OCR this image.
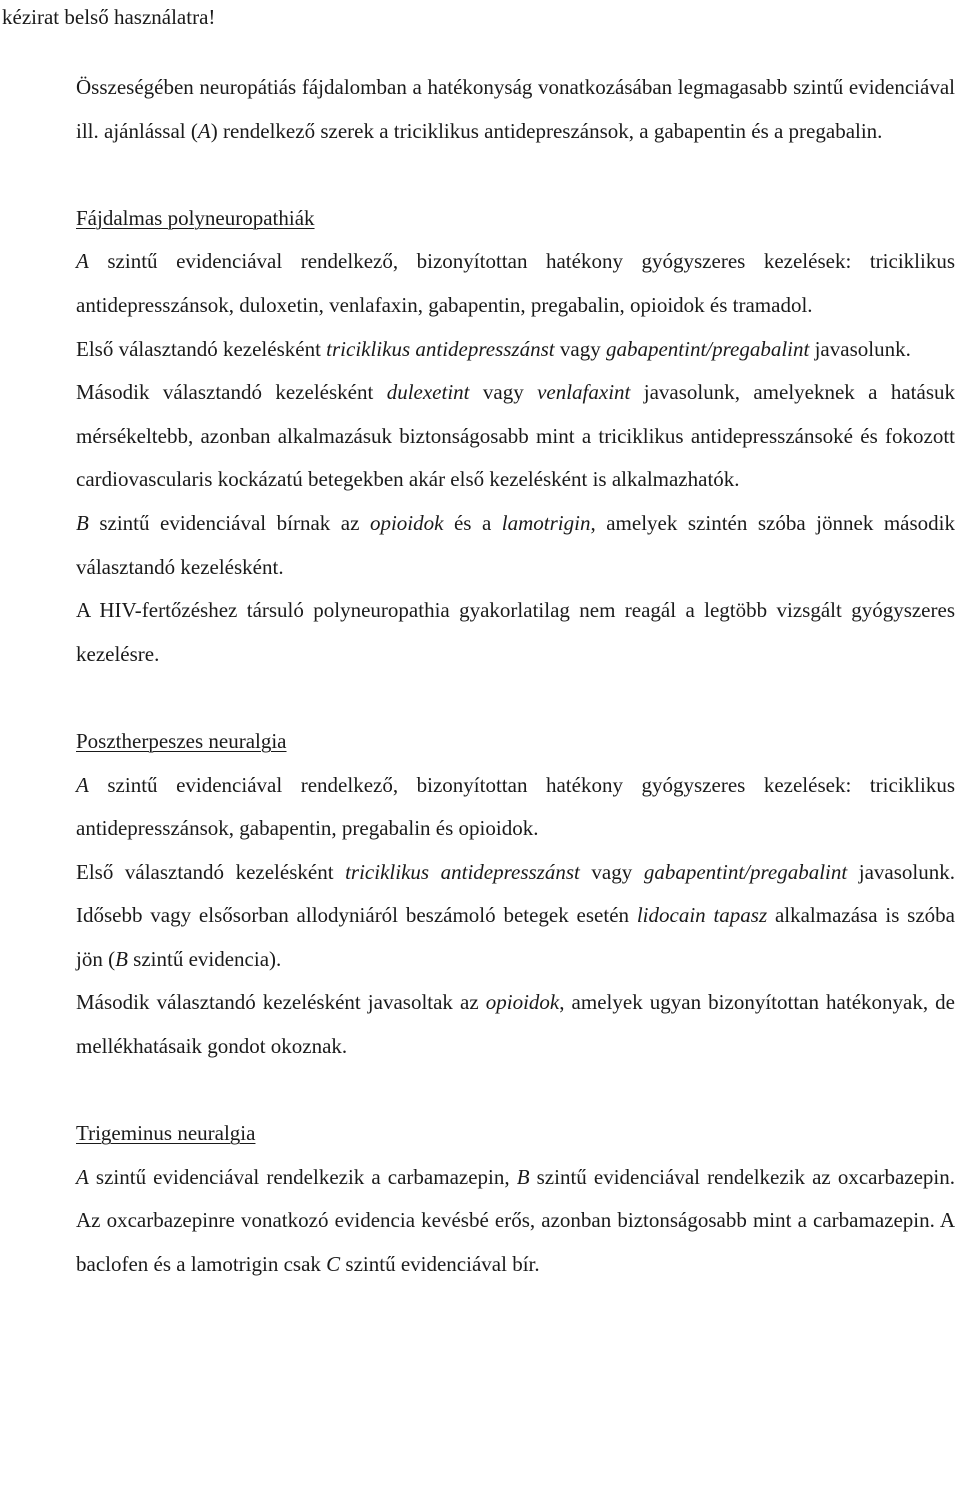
kézirat belső használatra!

Összeségében neuropátiás fájdalomban a hatékonyság vonatkozásában legmagasabb szintű evidenciával ill. ajánlással (A) rendelkező szerek a triciklikus antidepreszánsok, a gabapentin és a pregabalin.

Fájdalmas polyneuropathiák

A szintű evidenciával rendelkező, bizonyítottan hatékony gyógyszeres kezelések: triciklikus antidepresszánsok, duloxetin, venlafaxin, gabapentin, pregabalin, opioidok és tramadol.

Első választandó kezelésként triciklikus antidepresszánst vagy gabapentint/pregabalint javasolunk.

Második választandó kezelésként dulexetint vagy venlafaxint javasolunk, amelyeknek a hatásuk mérsékeltebb, azonban alkalmazásuk biztonságosabb mint a triciklikus antidepresszánsoké és fokozott cardiovascularis kockázatú betegekben akár első kezelésként is alkalmazhatók.

B szintű evidenciával bírnak az opioidok és a lamotrigin, amelyek szintén szóba jönnek második választandó kezelésként.

A HIV-fertőzéshez társuló polyneuropathia gyakorlatilag nem reagál a legtöbb vizsgált gyógyszeres kezelésre.

Posztherpeszes neuralgia

A szintű evidenciával rendelkező, bizonyítottan hatékony gyógyszeres kezelések: triciklikus antidepresszánsok, gabapentin, pregabalin és opioidok.

Első választandó kezelésként triciklikus antidepresszánst vagy gabapentint/pregabalint javasolunk. Idősebb vagy elsősorban allodyniáról beszámoló betegek esetén lidocain tapasz alkalmazása is szóba jön (B szintű evidencia).

Második választandó kezelésként javasoltak az opioidok, amelyek ugyan bizonyítottan hatékonyak, de mellékhatásaik gondot okoznak.

Trigeminus neuralgia

A szintű evidenciával rendelkezik a carbamazepin, B szintű evidenciával rendelkezik az oxcarbazepin. Az oxcarbazepinre vonatkozó evidencia kevésbé erős, azonban biztonságosabb mint a carbamazepin. A baclofen és a lamotrigin csak C szintű evidenciával bír.
